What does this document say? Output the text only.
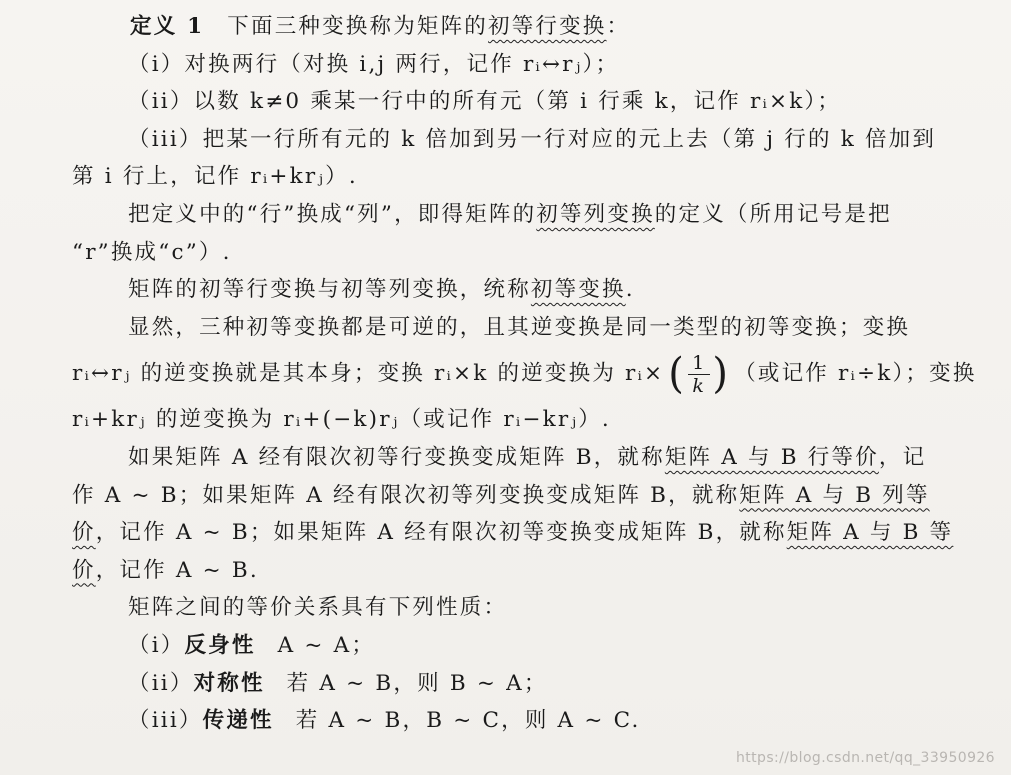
定义 1 下面三种变换称为矩阵的初等行变换：
（i）对换两行（对换 i,j 两行，记作 rᵢ↔rⱼ）；
（ii）以数 k≠0 乘某一行中的所有元（第 i 行乘 k，记作 rᵢ×k）；
（iii）把某一行所有元的 k 倍加到另一行对应的元上去（第 j 行的 k 倍加到
第 i 行上，记作 rᵢ+krⱼ）.
把定义中的“行”换成“列”，即得矩阵的初等列变换的定义（所用记号是把
“r”换成“c”）.
矩阵的初等行变换与初等列变换，统称初等变换.
显然，三种初等变换都是可逆的，且其逆变换是同一类型的初等变换；变换
rᵢ↔rⱼ 的逆变换就是其本身；变换 rᵢ×k 的逆变换为 rᵢ× ( $\frac{1}{k}$ ) （或记作 rᵢ÷k）；变换
rᵢ+krⱼ 的逆变换为 rᵢ+(−k)rⱼ（或记作 rᵢ−krⱼ）.
如果矩阵 A 经有限次初等行变换变成矩阵 B，就称矩阵 A 与 B 行等价，记
作 A ~ B；如果矩阵 A 经有限次初等列变换变成矩阵 B，就称矩阵 A 与 B 列等
价，记作 A ~ B；如果矩阵 A 经有限次初等变换变成矩阵 B，就称矩阵 A 与 B 等
价，记作 A ~ B.
矩阵之间的等价关系具有下列性质：
（i）反身性 A ~ A；
（ii）对称性 若 A ~ B，则 B ~ A；
（iii）传递性 若 A ~ B，B ~ C，则 A ~ C.
https://blog.csdn.net/qq_33950926
